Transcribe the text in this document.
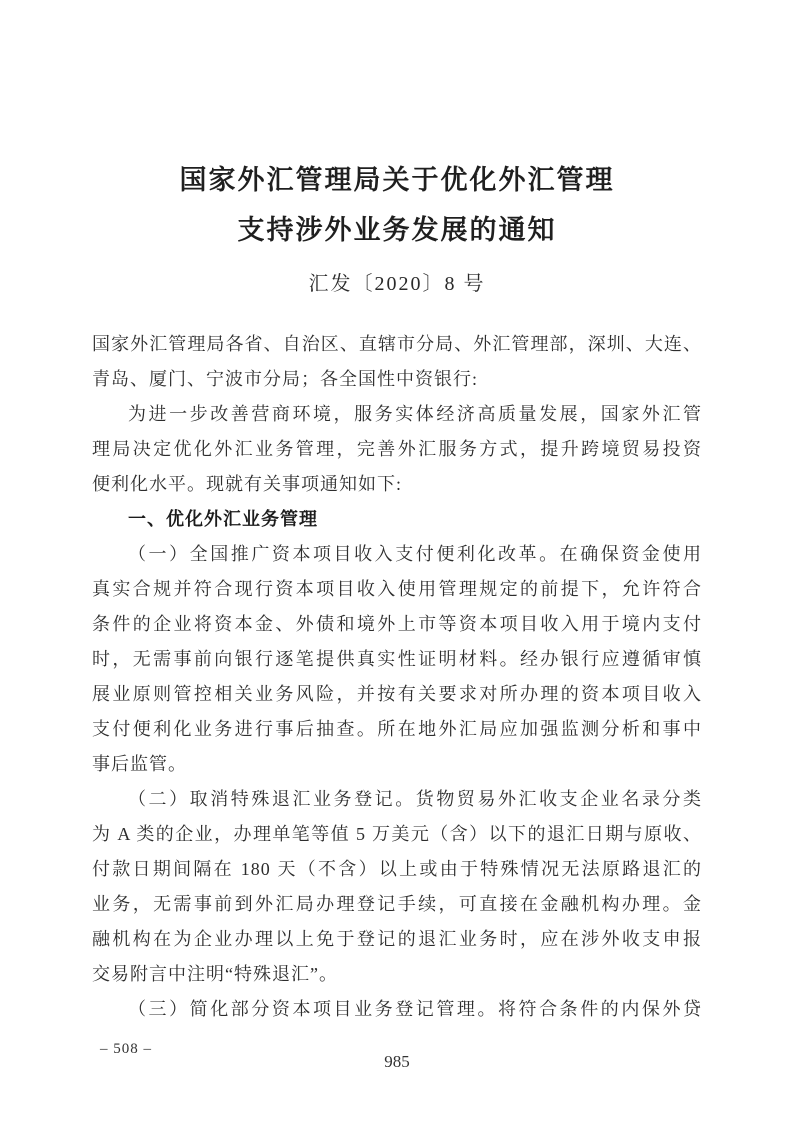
国家外汇管理局关于优化外汇管理
支持涉外业务发展的通知
汇发〔2020〕8 号
国家外汇管理局各省、自治区、直辖市分局、外汇管理部，深圳、大连、
青岛、厦门、宁波市分局；各全国性中资银行:
为进一步改善营商环境，服务实体经济高质量发展，国家外汇管
理局决定优化外汇业务管理，完善外汇服务方式，提升跨境贸易投资
便利化水平。现就有关事项通知如下:
一、优化外汇业务管理
（一）全国推广资本项目收入支付便利化改革。在确保资金使用
真实合规并符合现行资本项目收入使用管理规定的前提下，允许符合
条件的企业将资本金、外债和境外上市等资本项目收入用于境内支付
时，无需事前向银行逐笔提供真实性证明材料。经办银行应遵循审慎
展业原则管控相关业务风险，并按有关要求对所办理的资本项目收入
支付便利化业务进行事后抽查。所在地外汇局应加强监测分析和事中
事后监管。
（二）取消特殊退汇业务登记。货物贸易外汇收支企业名录分类
为 A 类的企业，办理单笔等值 5 万美元（含）以下的退汇日期与原收、
付款日期间隔在 180 天（不含）以上或由于特殊情况无法原路退汇的
业务，无需事前到外汇局办理登记手续，可直接在金融机构办理。金
融机构在为企业办理以上免于登记的退汇业务时，应在涉外收支申报
交易附言中注明“特殊退汇”。
（三）简化部分资本项目业务登记管理。将符合条件的内保外贷
– 508 –
985
